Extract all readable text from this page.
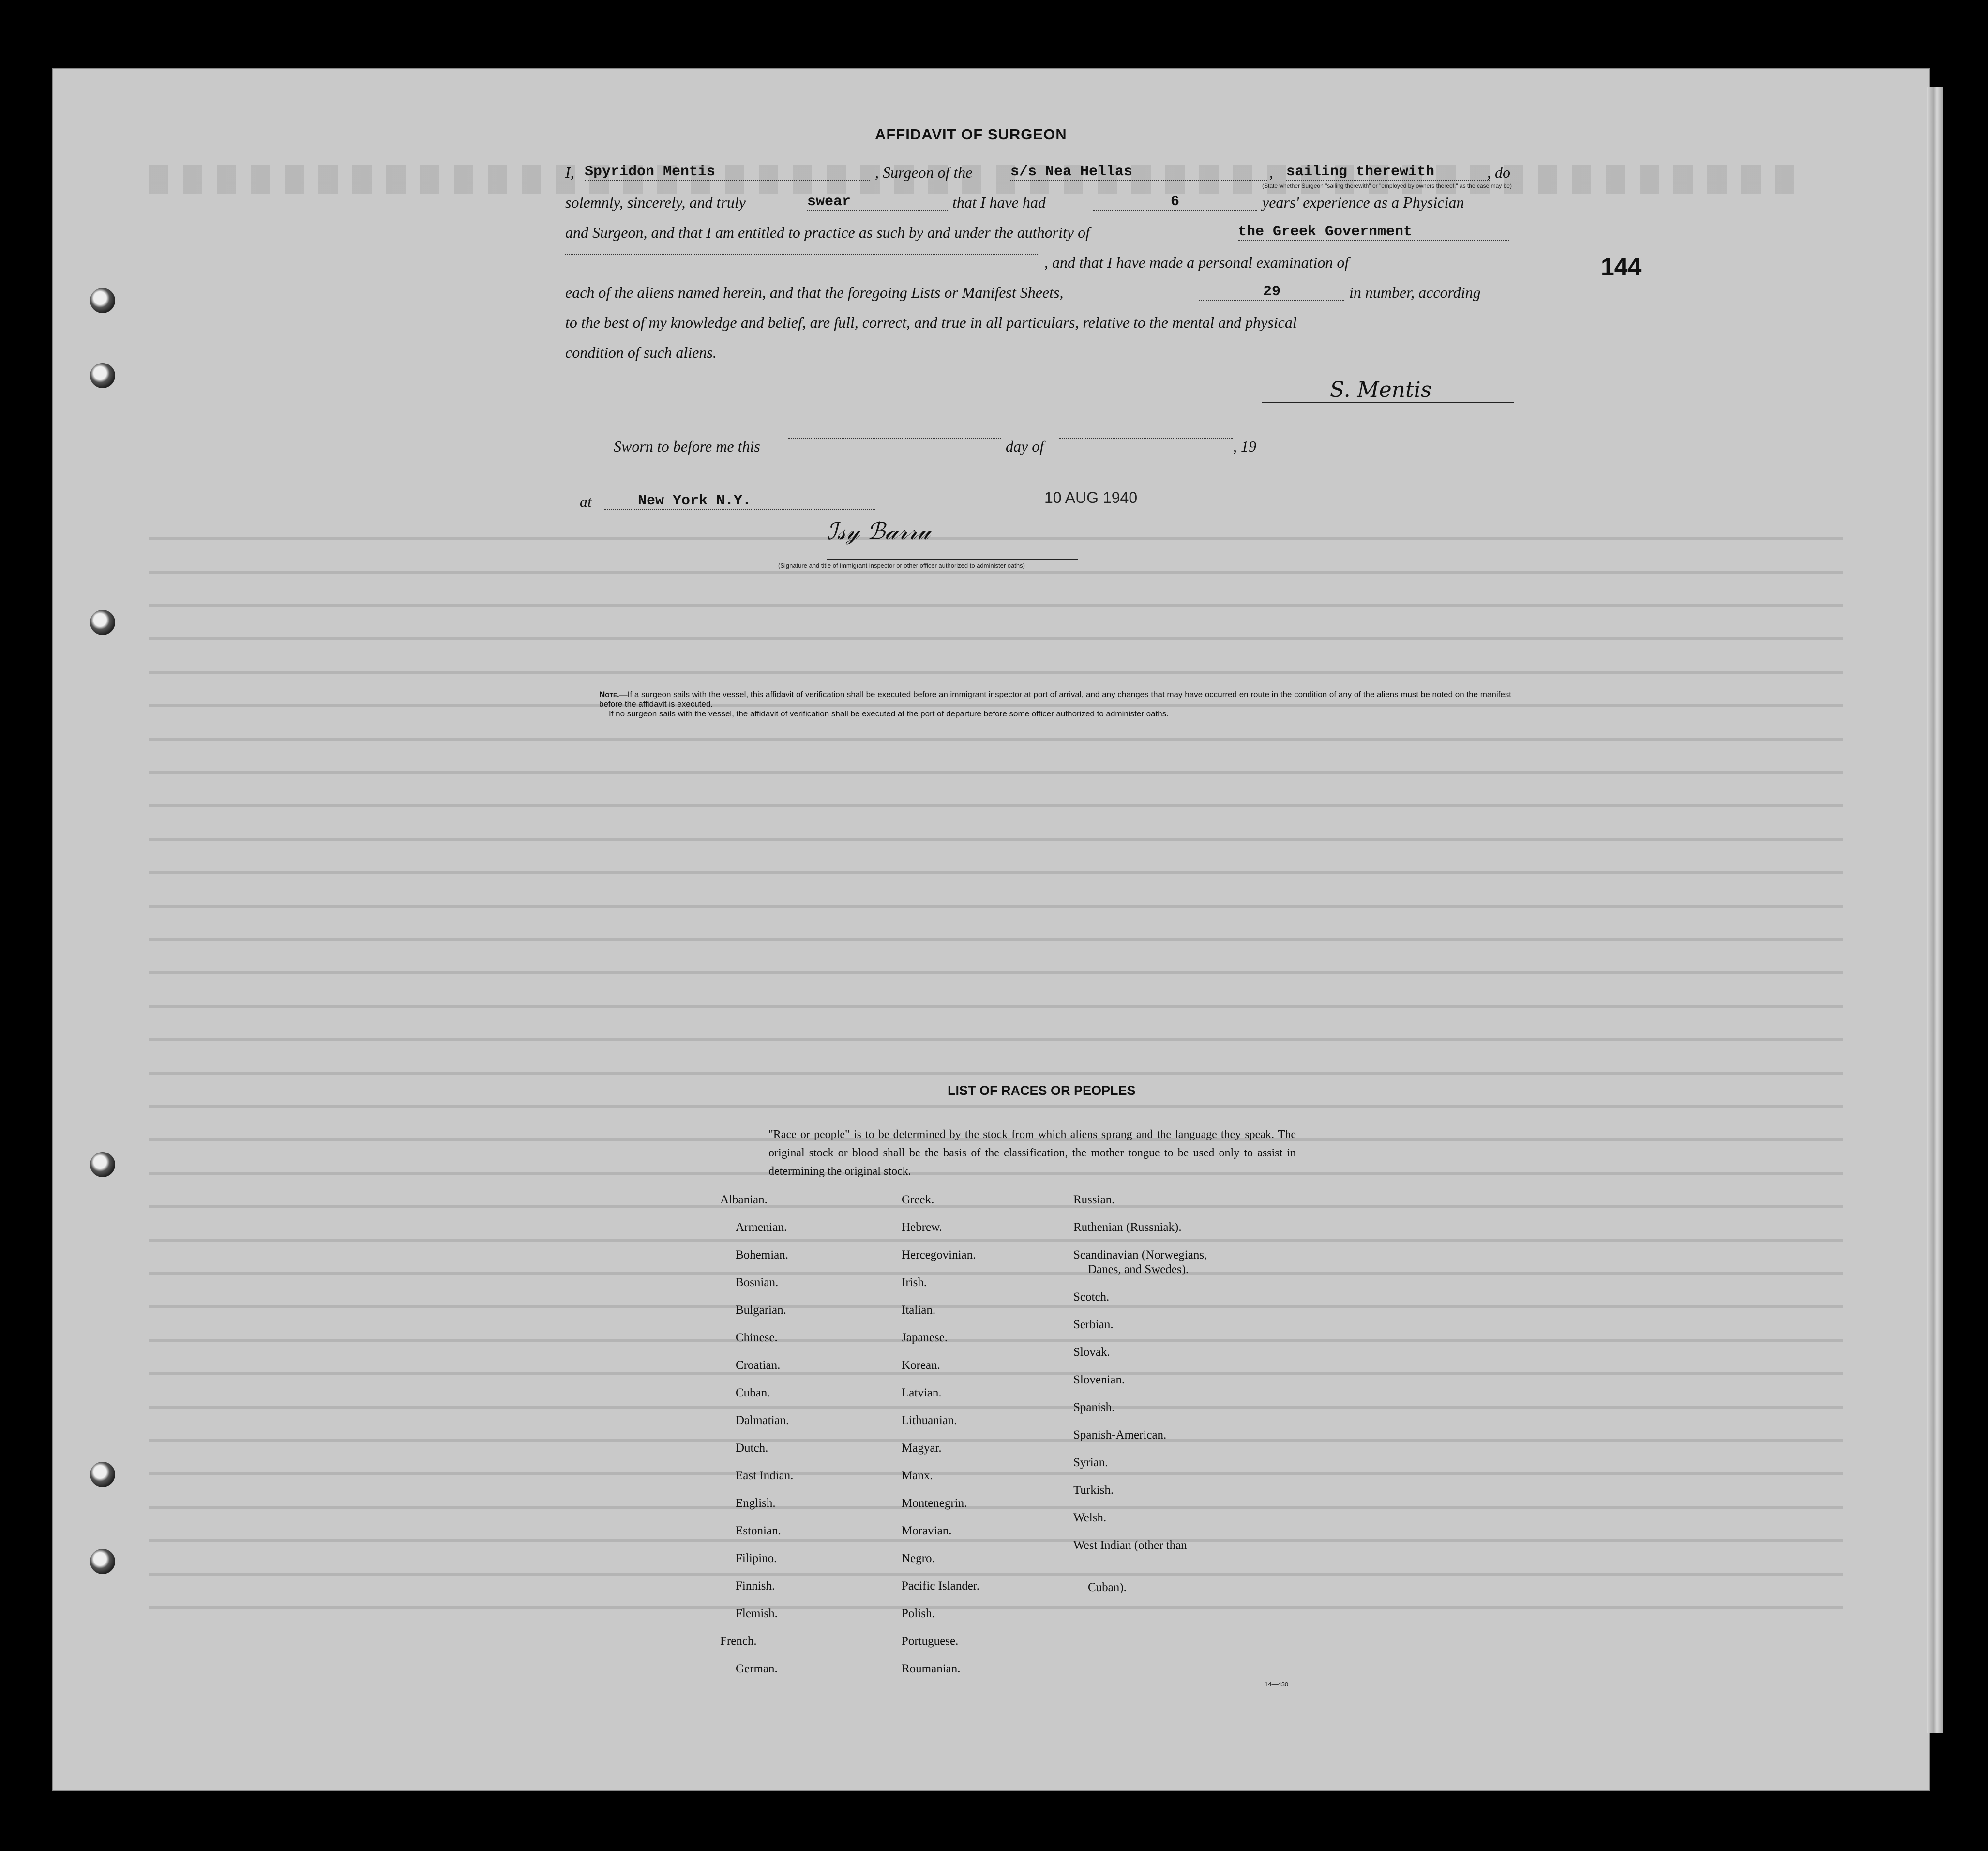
AFFIDAVIT OF SURGEON
I, Spyridon Mentis	, Surgeon of the	s/s Nea Hellas	, sailing therewith	, do
(State whether Surgeon "sailing therewith" or "employed by owners thereof," as the case may be)
solemnly, sincerely, and truly	swear	that I have had	6	years' experience as a Physician
and Surgeon, and that I am entitled to practice as such by and under the authority of	the Greek Government
, and that I have made a personal examination of
each of the aliens named herein, and that the foregoing Lists or Manifest Sheets,	29	in number, according
to the best of my knowledge and belief, are full, correct, and true in all particulars, relative to the mental and physical
condition of such aliens.
S. Mentis
Sworn to before me this	day of	, 19
at	New York N.Y.
ℐ𝓈𝓎 ℬ𝒶𝓇𝓇𝓊
(Signature and title of immigrant inspector or other officer authorized to administer oaths)
10 AUG 1940
144
Note.—If a surgeon sails with the vessel, this affidavit of verification shall be executed before an immigrant inspector at port of arrival, and any changes that may have occurred en route in the condition of any of the aliens must be noted on the manifest before the affidavit is executed.
If no surgeon sails with the vessel, the affidavit of verification shall be executed at the port of departure before some officer authorized to administer oaths.
LIST OF RACES OR PEOPLES
"Race or people" is to be determined by the stock from which aliens sprang and the language they speak. The original stock or blood shall be the basis of the classification, the mother tongue to be used only to assist in determining the original stock.
Albanian.
Armenian.
Bohemian.
Bosnian.
Bulgarian.
Chinese.
Croatian.
Cuban.
Dalmatian.
Dutch.
East Indian.
English.
Estonian.
Filipino.
Finnish.
Flemish.
French.
German.
Greek.
Hebrew.
Hercegovinian.
Irish.
Italian.
Japanese.
Korean.
Latvian.
Lithuanian.
Magyar.
Manx.
Montenegrin.
Moravian.
Negro.
Pacific Islander.
Polish.
Portuguese.
Roumanian.
Russian.
Ruthenian (Russniak).
Scandinavian (Norwegians,
Danes, and Swedes).
Scotch.
Serbian.
Slovak.
Slovenian.
Spanish.
Spanish-American.
Syrian.
Turkish.
Welsh.
West Indian (other than
Cuban).
14—430
